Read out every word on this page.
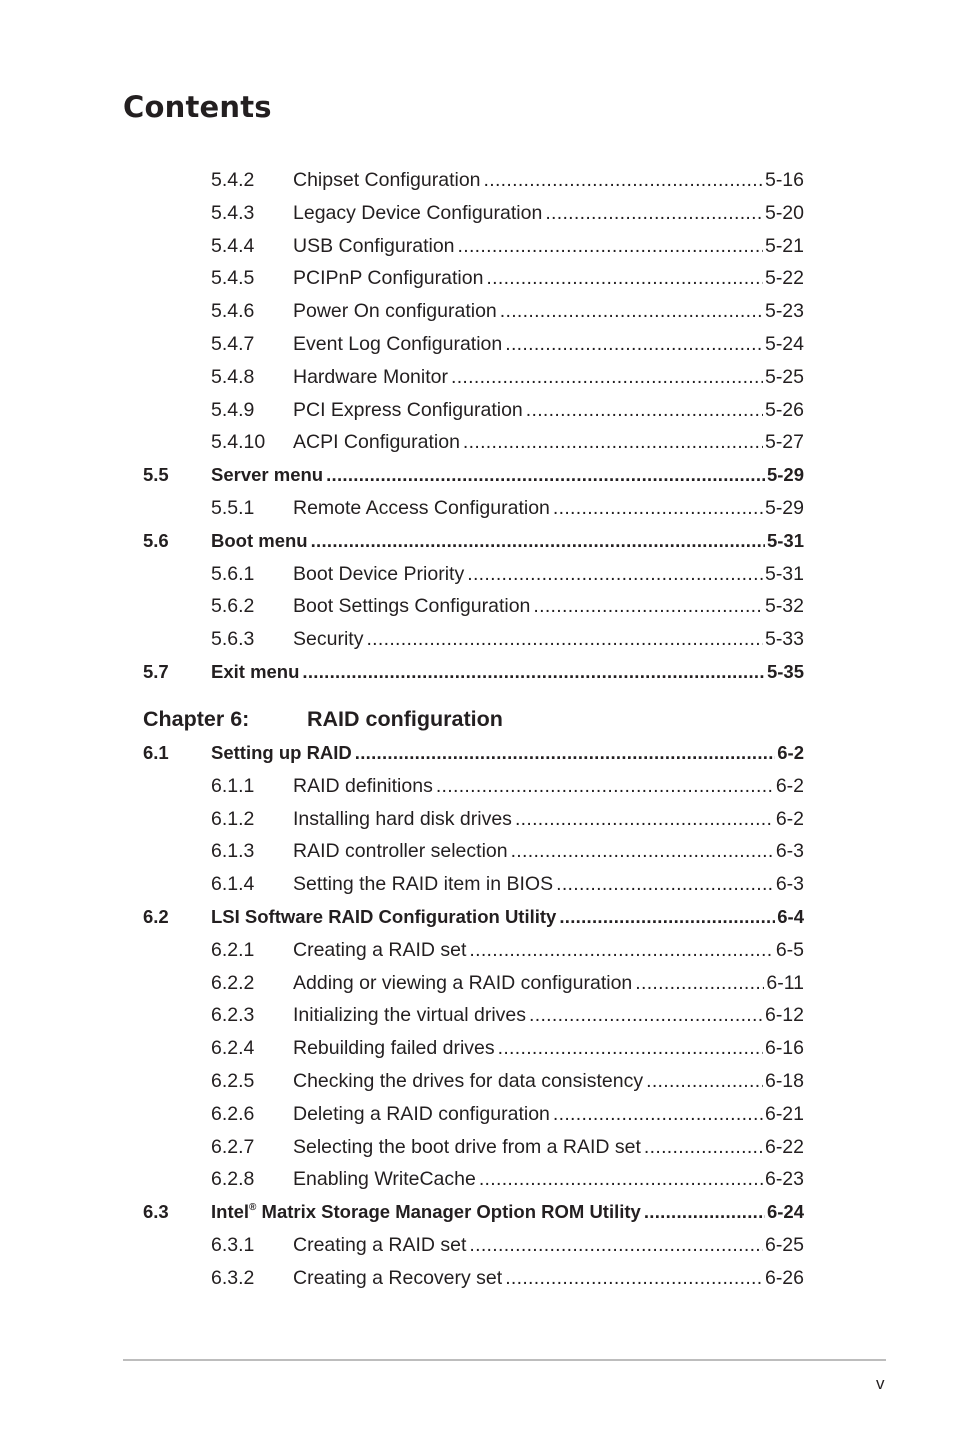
Contents
5.4.2	Chipset Configuration .....	5-16
5.4.3	Legacy Device Configuration .....	5-20
5.4.4	USB Configuration .....	5-21
5.4.5	PCIPnP Configuration .....	5-22
5.4.6	Power On configuration .....	5-23
5.4.7	Event Log Configuration .....	5-24
5.4.8	Hardware Monitor .....	5-25
5.4.9	PCI Express Configuration .....	5-26
5.4.10	ACPI Configuration .....	5-27
5.5	Server menu .....	5-29
5.5.1	Remote Access Configuration .....	5-29
5.6	Boot menu .....	5-31
5.6.1	Boot Device Priority .....	5-31
5.6.2	Boot Settings Configuration .....	5-32
5.6.3	Security .....	5-33
5.7	Exit menu .....	5-35
6.1	Setting up RAID .....	6-2
6.1.1	RAID definitions .....	6-2
6.1.2	Installing hard disk drives .....	6-2
6.1.3	RAID controller selection .....	6-3
6.1.4	Setting the RAID item in BIOS .....	6-3
6.2	LSI Software RAID Configuration Utility .....	6-4
6.2.1	Creating a RAID set .....	6-5
6.2.2	Adding or viewing a RAID configuration .....	6-11
6.2.3	Initializing the virtual drives .....	6-12
6.2.4	Rebuilding failed drives .....	6-16
6.2.5	Checking the drives for data consistency .....	6-18
6.2.6	Deleting a RAID configuration .....	6-21
6.2.7	Selecting the boot drive from a RAID set .....	6-22
6.2.8	Enabling WriteCache .....	6-23
6.3	Intel® Matrix Storage Manager Option ROM Utility .....	6-24
6.3.1	Creating a RAID set .....	6-25
6.3.2	Creating a Recovery set .....	6-26
Chapter 6:	RAID configuration
v
